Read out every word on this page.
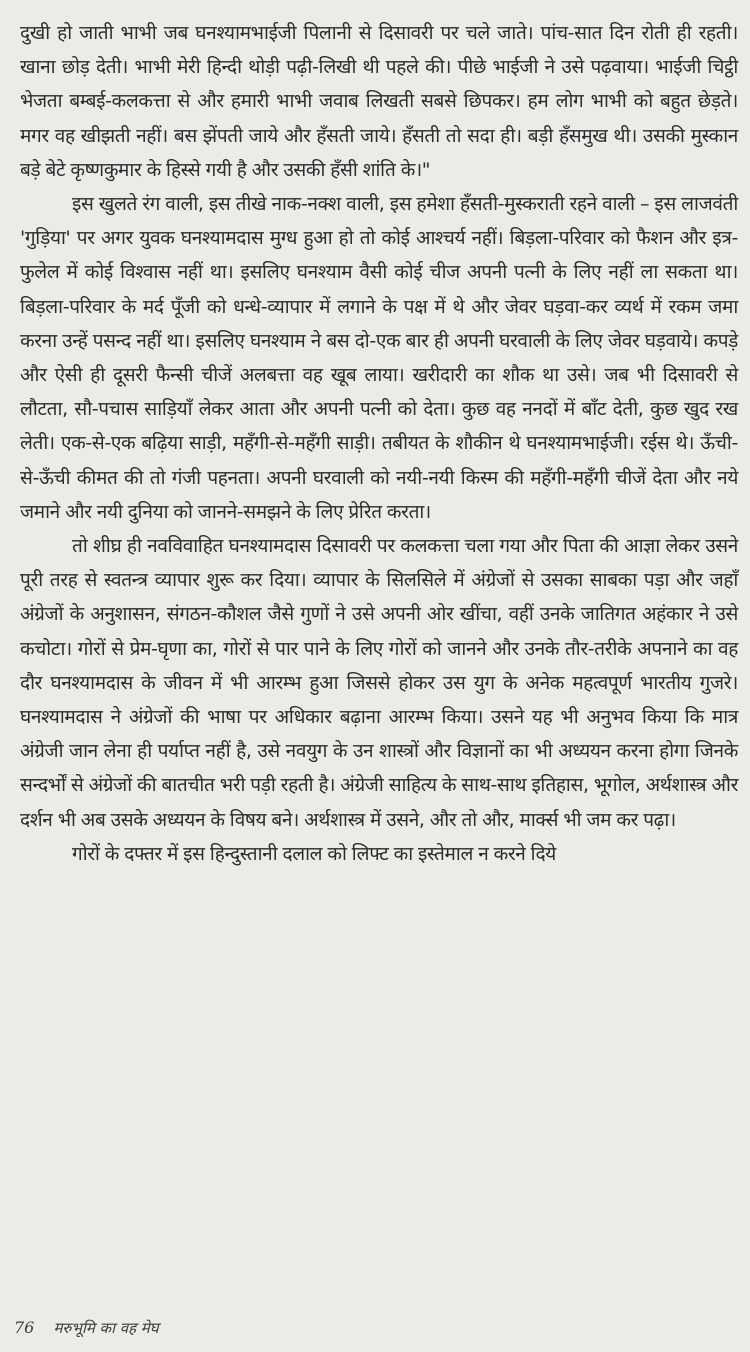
दुखी हो जाती भाभी जब घनश्यामभाईजी पिलानी से दिसावरी पर चले जाते। पांच-सात दिन रोती ही रहती। खाना छोड़ देती। भाभी मेरी हिन्दी थोड़ी पढ़ी-लिखी थी पहले की। पीछे भाईजी ने उसे पढ़वाया। भाईजी चिट्ठी भेजता बम्बई-कलकत्ता से और हमारी भाभी जवाब लिखती सबसे छिपकर। हम लोग भाभी को बहुत छेड़ते। मगर वह खीझती नहीं। बस झेंपती जाये और हँसती जाये। हँसती तो सदा ही। बड़ी हँसमुख थी। उसकी मुस्कान बड़े बेटे कृष्णकुमार के हिस्से गयी है और उसकी हँसी शांति के।"

इस खुलते रंग वाली, इस तीखे नाक-नक्श वाली, इस हमेशा हँसती-मुस्कराती रहने वाली – इस लाजवंती 'गुड़िया' पर अगर युवक घनश्यामदास मुग्ध हुआ हो तो कोई आश्चर्य नहीं। बिड़ला-परिवार को फैशन और इत्र-फुलेल में कोई विश्वास नहीं था। इसलिए घनश्याम वैसी कोई चीज अपनी पत्नी के लिए नहीं ला सकता था। बिड़ला-परिवार के मर्द पूँजी को धन्धे-व्यापार में लगाने के पक्ष में थे और जेवर घड़वा-कर व्यर्थ में रकम जमा करना उन्हें पसन्द नहीं था। इसलिए घनश्याम ने बस दो-एक बार ही अपनी घरवाली के लिए जेवर घड़वाये। कपड़े और ऐसी ही दूसरी फैन्सी चीजें अलबत्ता वह खूब लाया। खरीदारी का शौक था उसे। जब भी दिसावरी से लौटता, सौ-पचास साड़ियाँ लेकर आता और अपनी पत्नी को देता। कुछ वह ननदों में बाँट देती, कुछ खुद रख लेती। एक-से-एक बढ़िया साड़ी, महँगी-से-महँगी साड़ी। तबीयत के शौकीन थे घनश्यामभाईजी। रईस थे। ऊँची-से-ऊँची कीमत की तो गंजी पहनता। अपनी घरवाली को नयी-नयी किस्म की महँगी-महँगी चीजें देता और नये जमाने और नयी दुनिया को जानने-समझने के लिए प्रेरित करता।

तो शीघ्र ही नवविवाहित घनश्यामदास दिसावरी पर कलकत्ता चला गया और पिता की आज्ञा लेकर उसने पूरी तरह से स्वतन्त्र व्यापार शुरू कर दिया। व्यापार के सिलसिले में अंग्रेजों से उसका साबका पड़ा और जहाँ अंग्रेजों के अनुशासन, संगठन-कौशल जैसे गुणों ने उसे अपनी ओर खींचा, वहीं उनके जातिगत अहंकार ने उसे कचोटा। गोरों से प्रेम-घृणा का, गोरों से पार पाने के लिए गोरों को जानने और उनके तौर-तरीके अपनाने का वह दौर घनश्यामदास के जीवन में भी आरम्भ हुआ जिससे होकर उस युग के अनेक महत्वपूर्ण भारतीय गुजरे। घनश्यामदास ने अंग्रेजों की भाषा पर अधिकार बढ़ाना आरम्भ किया। उसने यह भी अनुभव किया कि मात्र अंग्रेजी जान लेना ही पर्याप्त नहीं है, उसे नवयुग के उन शास्त्रों और विज्ञानों का भी अध्ययन करना होगा जिनके सन्दर्भों से अंग्रेजों की बातचीत भरी पड़ी रहती है। अंग्रेजी साहित्य के साथ-साथ इतिहास, भूगोल, अर्थशास्त्र और दर्शन भी अब उसके अध्ययन के विषय बने। अर्थशास्त्र में उसने, और तो और, मार्क्स भी जम कर पढ़ा।

गोरों के दफ्तर में इस हिन्दुस्तानी दलाल को लिफ्ट का इस्तेमाल न करने दिये

76 मरुभूमि का वह मेघ
